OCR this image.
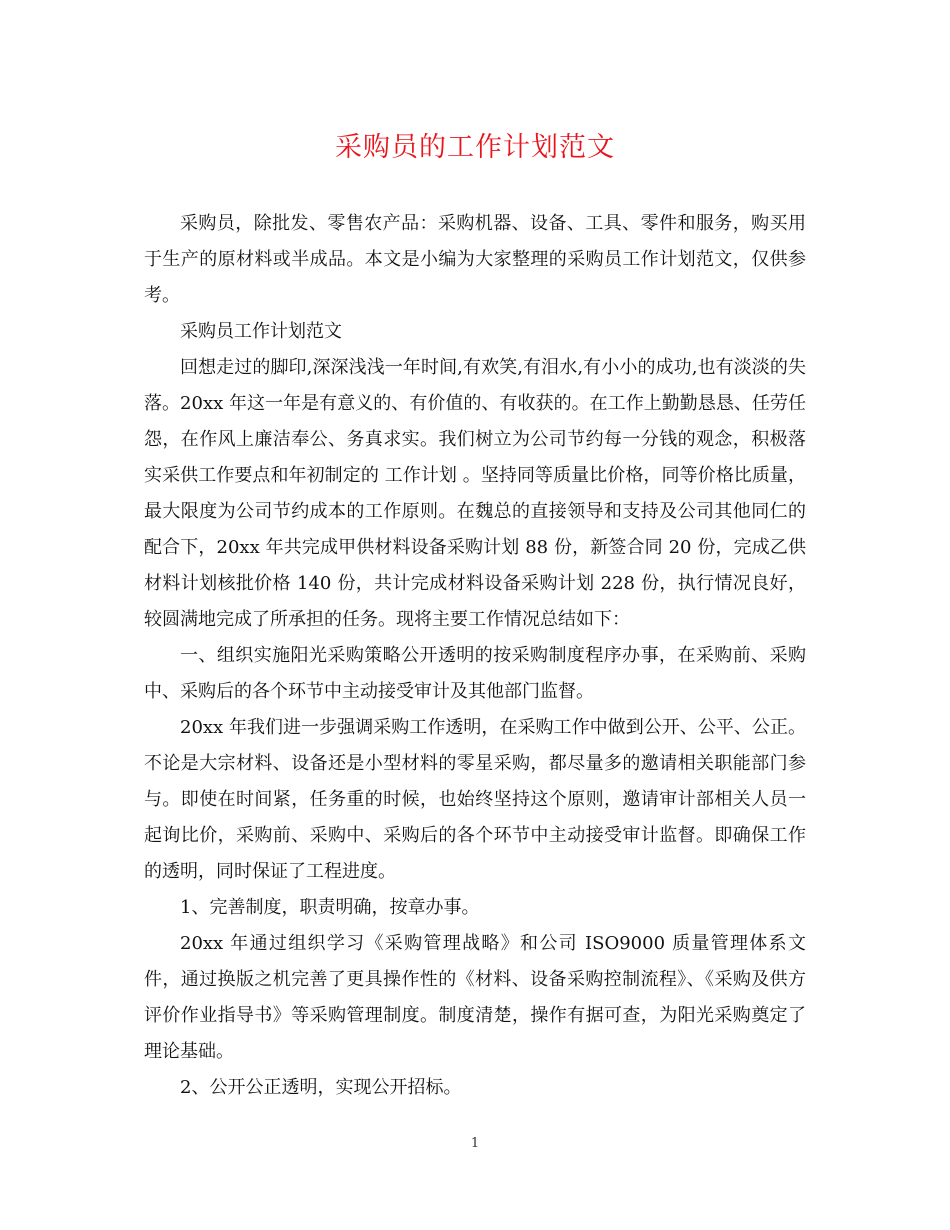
采购员的工作计划范文

采购员，除批发、零售农产品：采购机器、设备、工具、零件和服务，购买用于生产的原材料或半成品。本文是小编为大家整理的采购员工作计划范文，仅供参考。

采购员工作计划范文

回想走过的脚印,深深浅浅一年时间,有欢笑,有泪水,有小小的成功,也有淡淡的失落。20xx 年这一年是有意义的、有价值的、有收获的。在工作上勤勤恳恳、任劳任怨，在作风上廉洁奉公、务真求实。我们树立为公司节约每一分钱的观念，积极落实采供工作要点和年初制定的 工作计划 。坚持同等质量比价格，同等价格比质量，最大限度为公司节约成本的工作原则。在魏总的直接领导和支持及公司其他同仁的配合下，20xx 年共完成甲供材料设备采购计划 88 份，新签合同 20 份，完成乙供材料计划核批价格 140 份，共计完成材料设备采购计划 228 份，执行情况良好，较圆满地完成了所承担的任务。现将主要工作情况总结如下：

一、组织实施阳光采购策略公开透明的按采购制度程序办事，在采购前、采购中、采购后的各个环节中主动接受审计及其他部门监督。

20xx 年我们进一步强调采购工作透明，在采购工作中做到公开、公平、公正。不论是大宗材料、设备还是小型材料的零星采购，都尽量多的邀请相关职能部门参与。即使在时间紧，任务重的时候，也始终坚持这个原则，邀请审计部相关人员一起询比价，采购前、采购中、采购后的各个环节中主动接受审计监督。即确保工作的透明，同时保证了工程进度。

1、完善制度，职责明确，按章办事。

20xx 年通过组织学习《采购管理战略》和公司 ISO9000 质量管理体系文件，通过换版之机完善了更具操作性的《材料、设备采购控制流程》、《采购及供方评价作业指导书》等采购管理制度。制度清楚，操作有据可查，为阳光采购奠定了理论基础。

2、公开公正透明，实现公开招标。

1
